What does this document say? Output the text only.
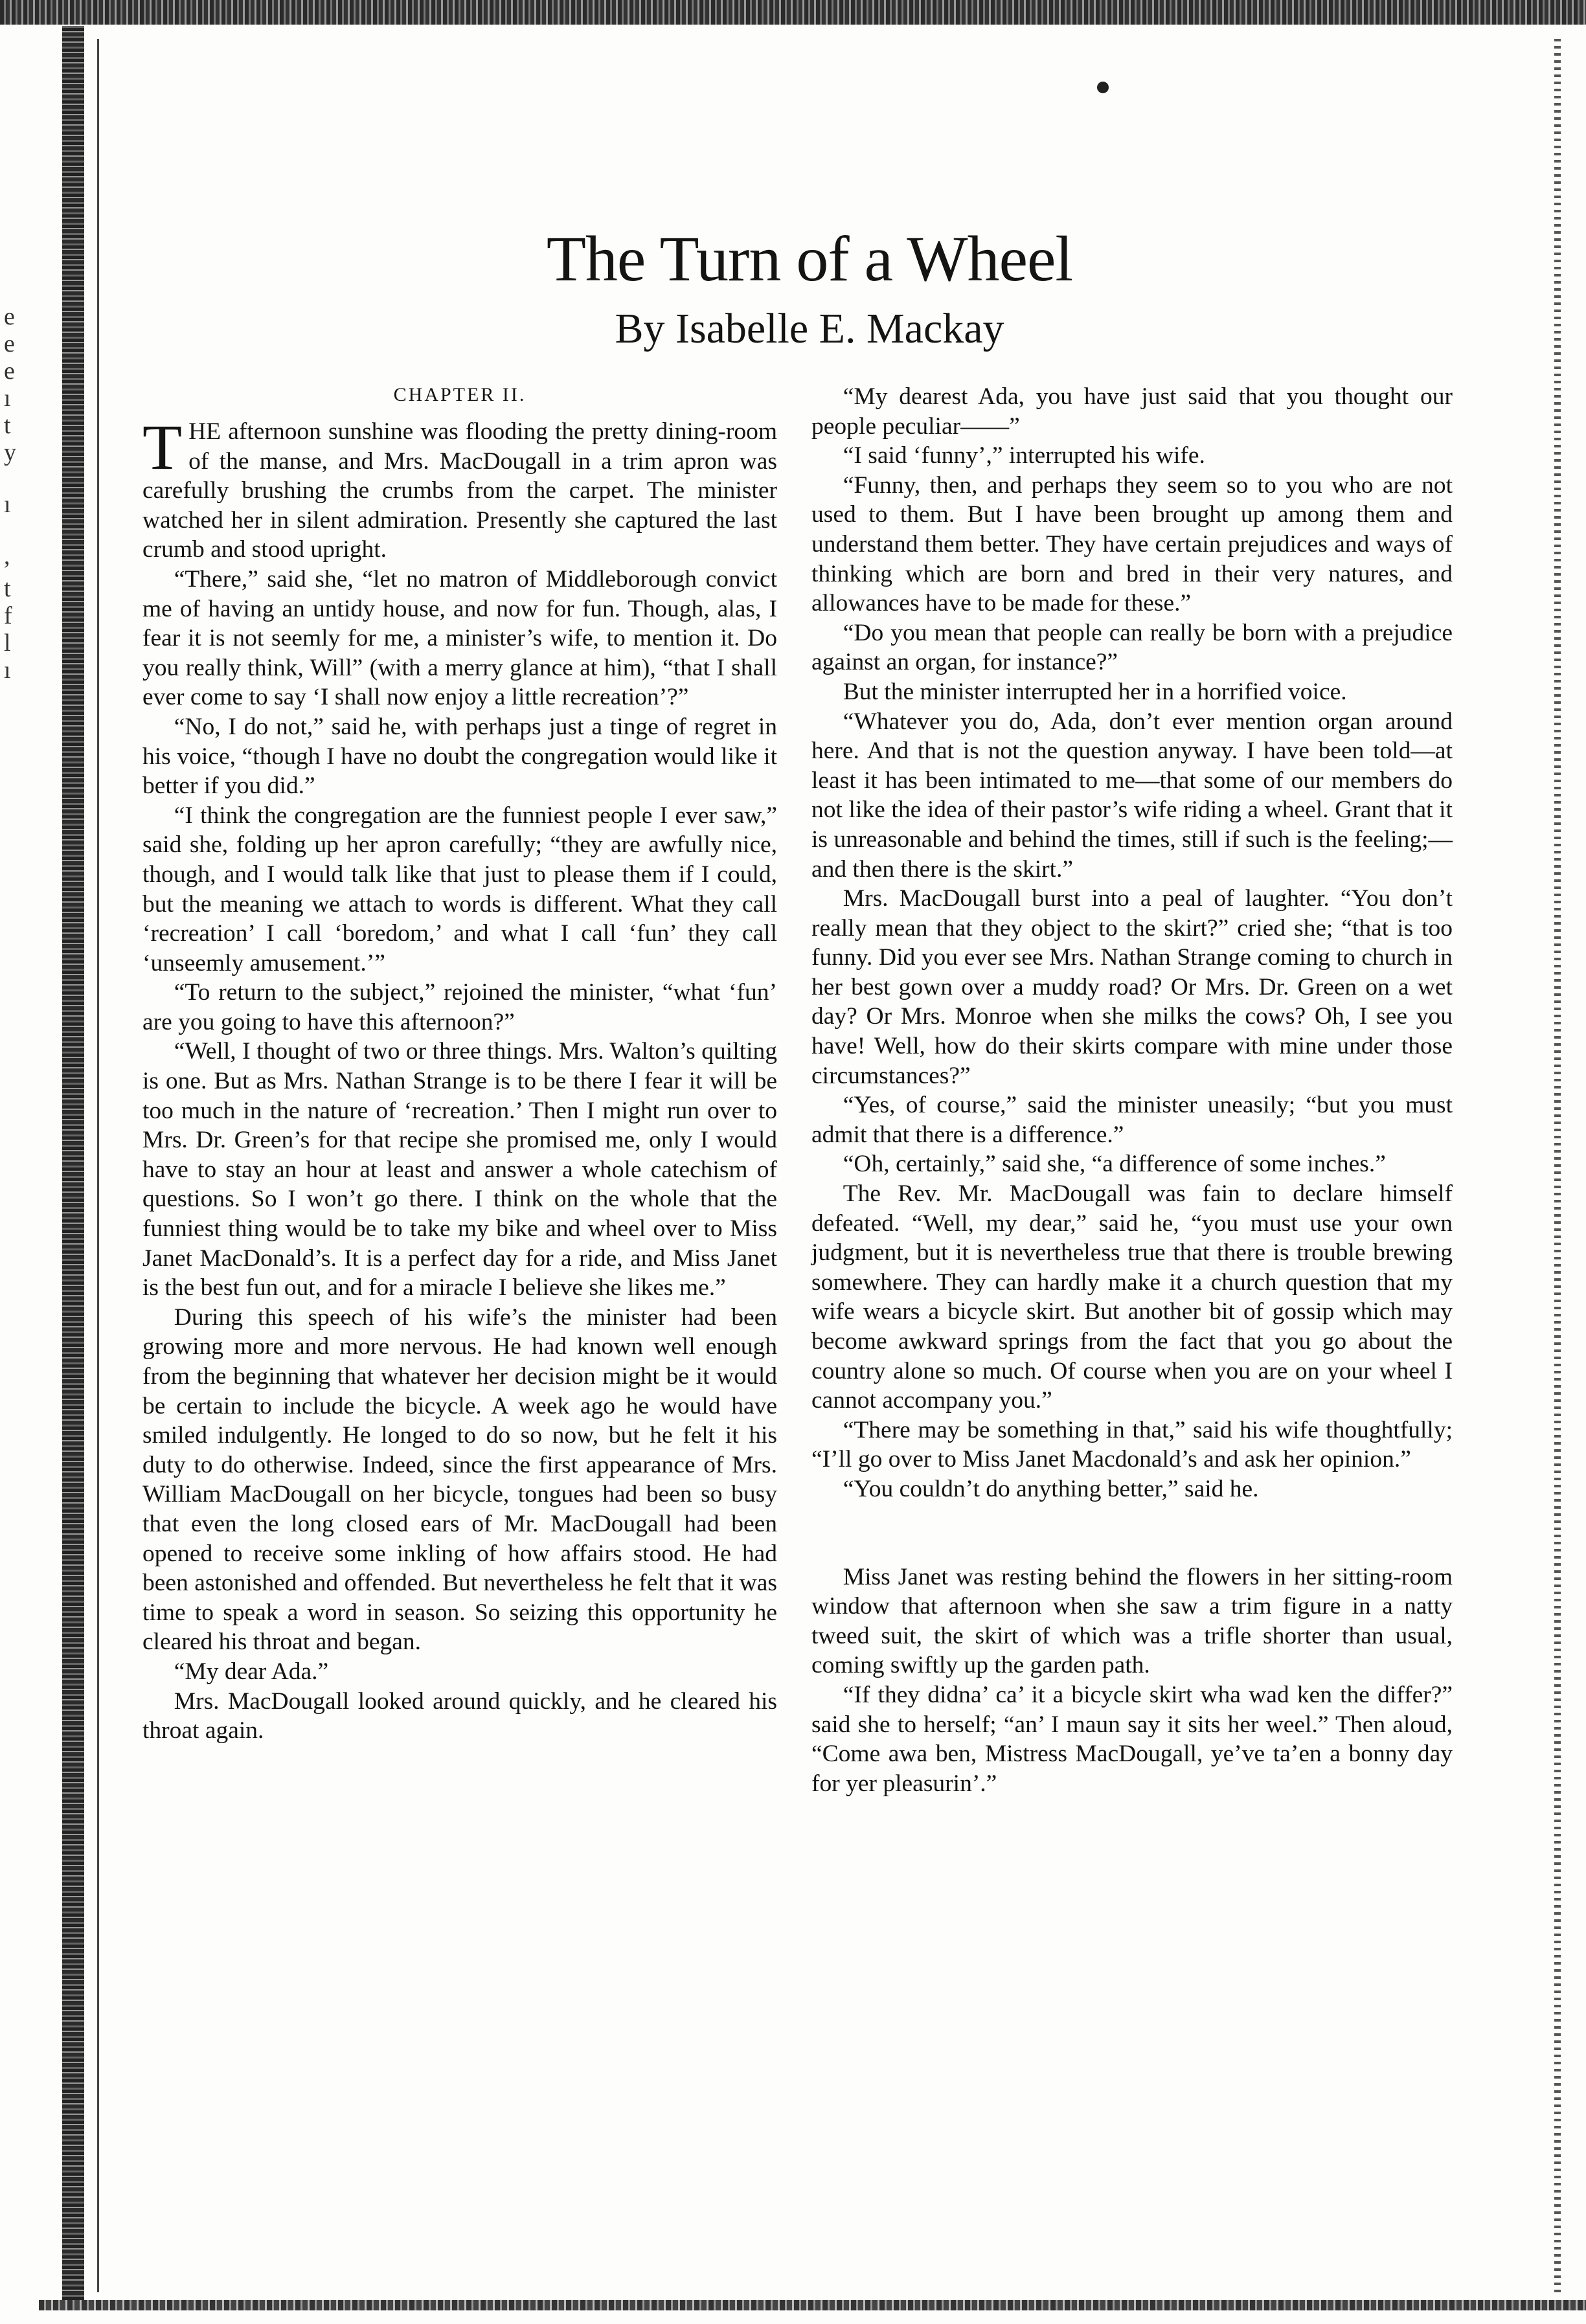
e
e
e
ı
t
y
ı
,
t
f
l
ı
The Turn of a Wheel
By Isabelle E. Mackay
CHAPTER II.

THE afternoon sunshine was flooding the pretty dining-room of the manse, and Mrs. MacDougall in a trim apron was carefully brushing the crumbs from the carpet. The minister watched her in silent admiration. Presently she captured the last crumb and stood upright.

“There,” said she, “let no matron of Middleborough convict me of having an untidy house, and now for fun. Though, alas, I fear it is not seemly for me, a minister’s wife, to mention it. Do you really think, Will” (with a merry glance at him), “that I shall ever come to say ‘I shall now enjoy a little recreation’?”

“No, I do not,” said he, with perhaps just a tinge of regret in his voice, “though I have no doubt the congregation would like it better if you did.”

“I think the congregation are the funniest people I ever saw,” said she, folding up her apron carefully; “they are awfully nice, though, and I would talk like that just to please them if I could, but the meaning we attach to words is different. What they call ‘recreation’ I call ‘boredom,’ and what I call ‘fun’ they call ‘unseemly amusement.’”

“To return to the subject,” rejoined the minister, “what ‘fun’ are you going to have this afternoon?”

“Well, I thought of two or three things. Mrs. Walton’s quilting is one. But as Mrs. Nathan Strange is to be there I fear it will be too much in the nature of ‘recreation.’ Then I might run over to Mrs. Dr. Green’s for that recipe she promised me, only I would have to stay an hour at least and answer a whole catechism of questions. So I won’t go there. I think on the whole that the funniest thing would be to take my bike and wheel over to Miss Janet MacDonald’s. It is a perfect day for a ride, and Miss Janet is the best fun out, and for a miracle I believe she likes me.”

During this speech of his wife’s the minister had been growing more and more nervous. He had known well enough from the beginning that whatever her decision might be it would be certain to include the bicycle. A week ago he would have smiled indulgently. He longed to do so now, but he felt it his duty to do otherwise. Indeed, since the first appearance of Mrs. William MacDougall on her bicycle, tongues had been so busy that even the long closed ears of Mr. MacDougall had been opened to receive some inkling of how affairs stood. He had been astonished and offended. But nevertheless he felt that it was time to speak a word in season. So seizing this opportunity he cleared his throat and began.

“My dear Ada.”

Mrs. MacDougall looked around quickly, and he cleared his throat again.

“My dearest Ada, you have just said that you thought our people peculiar——”

“I said ‘funny’,” interrupted his wife.

“Funny, then, and perhaps they seem so to you who are not used to them. But I have been brought up among them and understand them better. They have certain prejudices and ways of thinking which are born and bred in their very natures, and allowances have to be made for these.”

“Do you mean that people can really be born with a prejudice against an organ, for instance?”

But the minister interrupted her in a horrified voice.

“Whatever you do, Ada, don’t ever mention organ around here. And that is not the question anyway. I have been told—at least it has been intimated to me—that some of our members do not like the idea of their pastor’s wife riding a wheel. Grant that it is unreasonable and behind the times, still if such is the feeling;—and then there is the skirt.”

Mrs. MacDougall burst into a peal of laughter. “You don’t really mean that they object to the skirt?” cried she; “that is too funny. Did you ever see Mrs. Nathan Strange coming to church in her best gown over a muddy road? Or Mrs. Dr. Green on a wet day? Or Mrs. Monroe when she milks the cows? Oh, I see you have! Well, how do their skirts compare with mine under those circumstances?”

“Yes, of course,” said the minister uneasily; “but you must admit that there is a difference.”

“Oh, certainly,” said she, “a difference of some inches.”

The Rev. Mr. MacDougall was fain to declare himself defeated. “Well, my dear,” said he, “you must use your own judgment, but it is nevertheless true that there is trouble brewing somewhere. They can hardly make it a church question that my wife wears a bicycle skirt. But another bit of gossip which may become awkward springs from the fact that you go about the country alone so much. Of course when you are on your wheel I cannot accompany you.”

“There may be something in that,” said his wife thoughtfully; “I’ll go over to Miss Janet Macdonald’s and ask her opinion.”

“You couldn’t do anything better,” said he.

Miss Janet was resting behind the flowers in her sitting-room window that afternoon when she saw a trim figure in a natty tweed suit, the skirt of which was a trifle shorter than usual, coming swiftly up the garden path.

“If they didna’ ca’ it a bicycle skirt wha wad ken the differ?” said she to herself; “an’ I maun say it sits her weel.” Then aloud, “Come awa ben, Mistress MacDougall, ye’ve ta’en a bonny day for yer pleasurin’.”
